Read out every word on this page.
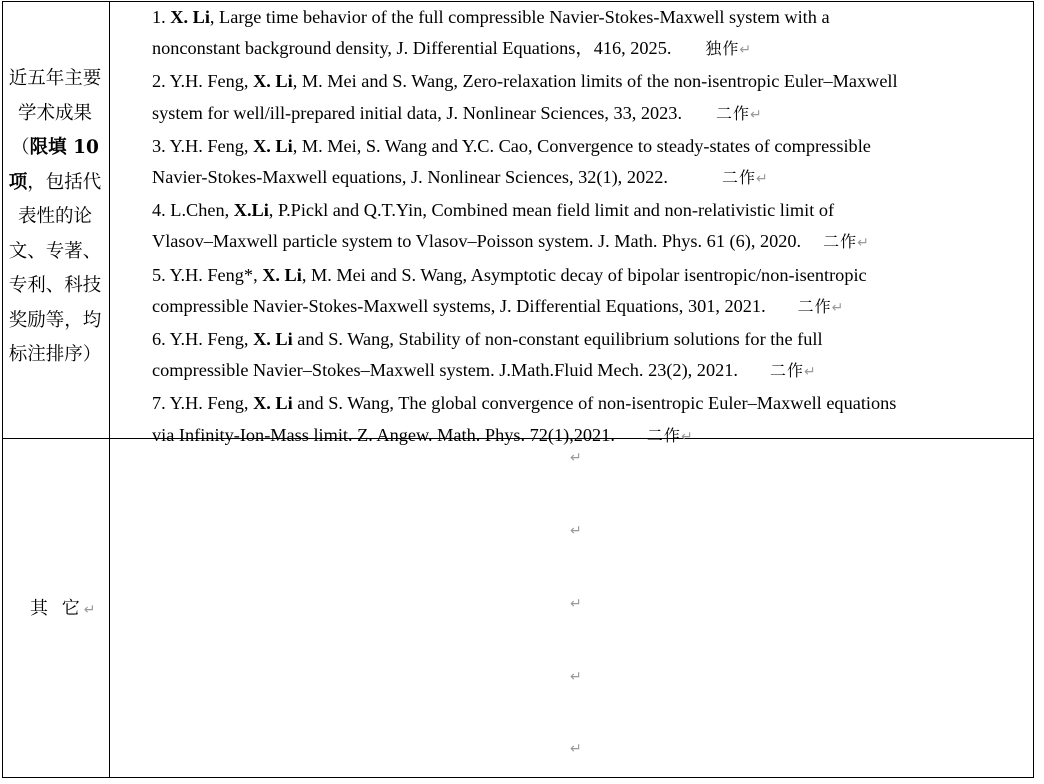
近五年主要
学术成果
（限填 10
项，包括代
表性的论
文、专著、
专利、科技
奖励等，均
标注排序）
1. X. Li, Large time behavior of the full compressible Navier-Stokes-Maxwell system with a
nonconstant background density, J. Differential Equations，416, 2025. 独作↵
2. Y.H. Feng, X. Li, M. Mei and S. Wang, Zero-relaxation limits of the non-isentropic Euler–Maxwell
system for well/ill-prepared initial data, J. Nonlinear Sciences, 33, 2023. 二作↵
3. Y.H. Feng, X. Li, M. Mei, S. Wang and Y.C. Cao, Convergence to steady-states of compressible
Navier-Stokes-Maxwell equations, J. Nonlinear Sciences, 32(1), 2022.	二作↵
4. L.Chen, X.Li, P.Pickl and Q.T.Yin, Combined mean field limit and non-relativistic limit of
Vlasov–Maxwell particle system to Vlasov–Poisson system. J. Math. Phys. 61 (6), 2020. 二作↵
5. Y.H. Feng*, X. Li, M. Mei and S. Wang, Asymptotic decay of bipolar isentropic/non-isentropic
compressible Navier-Stokes-Maxwell systems, J. Differential Equations, 301, 2021. 二作↵
6. Y.H. Feng, X. Li and S. Wang, Stability of non-constant equilibrium solutions for the full
compressible Navier–Stokes–Maxwell system. J.Math.Fluid Mech. 23(2), 2021. 二作↵
7. Y.H. Feng, X. Li and S. Wang, The global convergence of non-isentropic Euler–Maxwell equations
via Infinity-Ion-Mass limit. Z. Angew. Math. Phys. 72(1),2021. 二作↵
其 它↵
↵
↵
↵
↵
↵
